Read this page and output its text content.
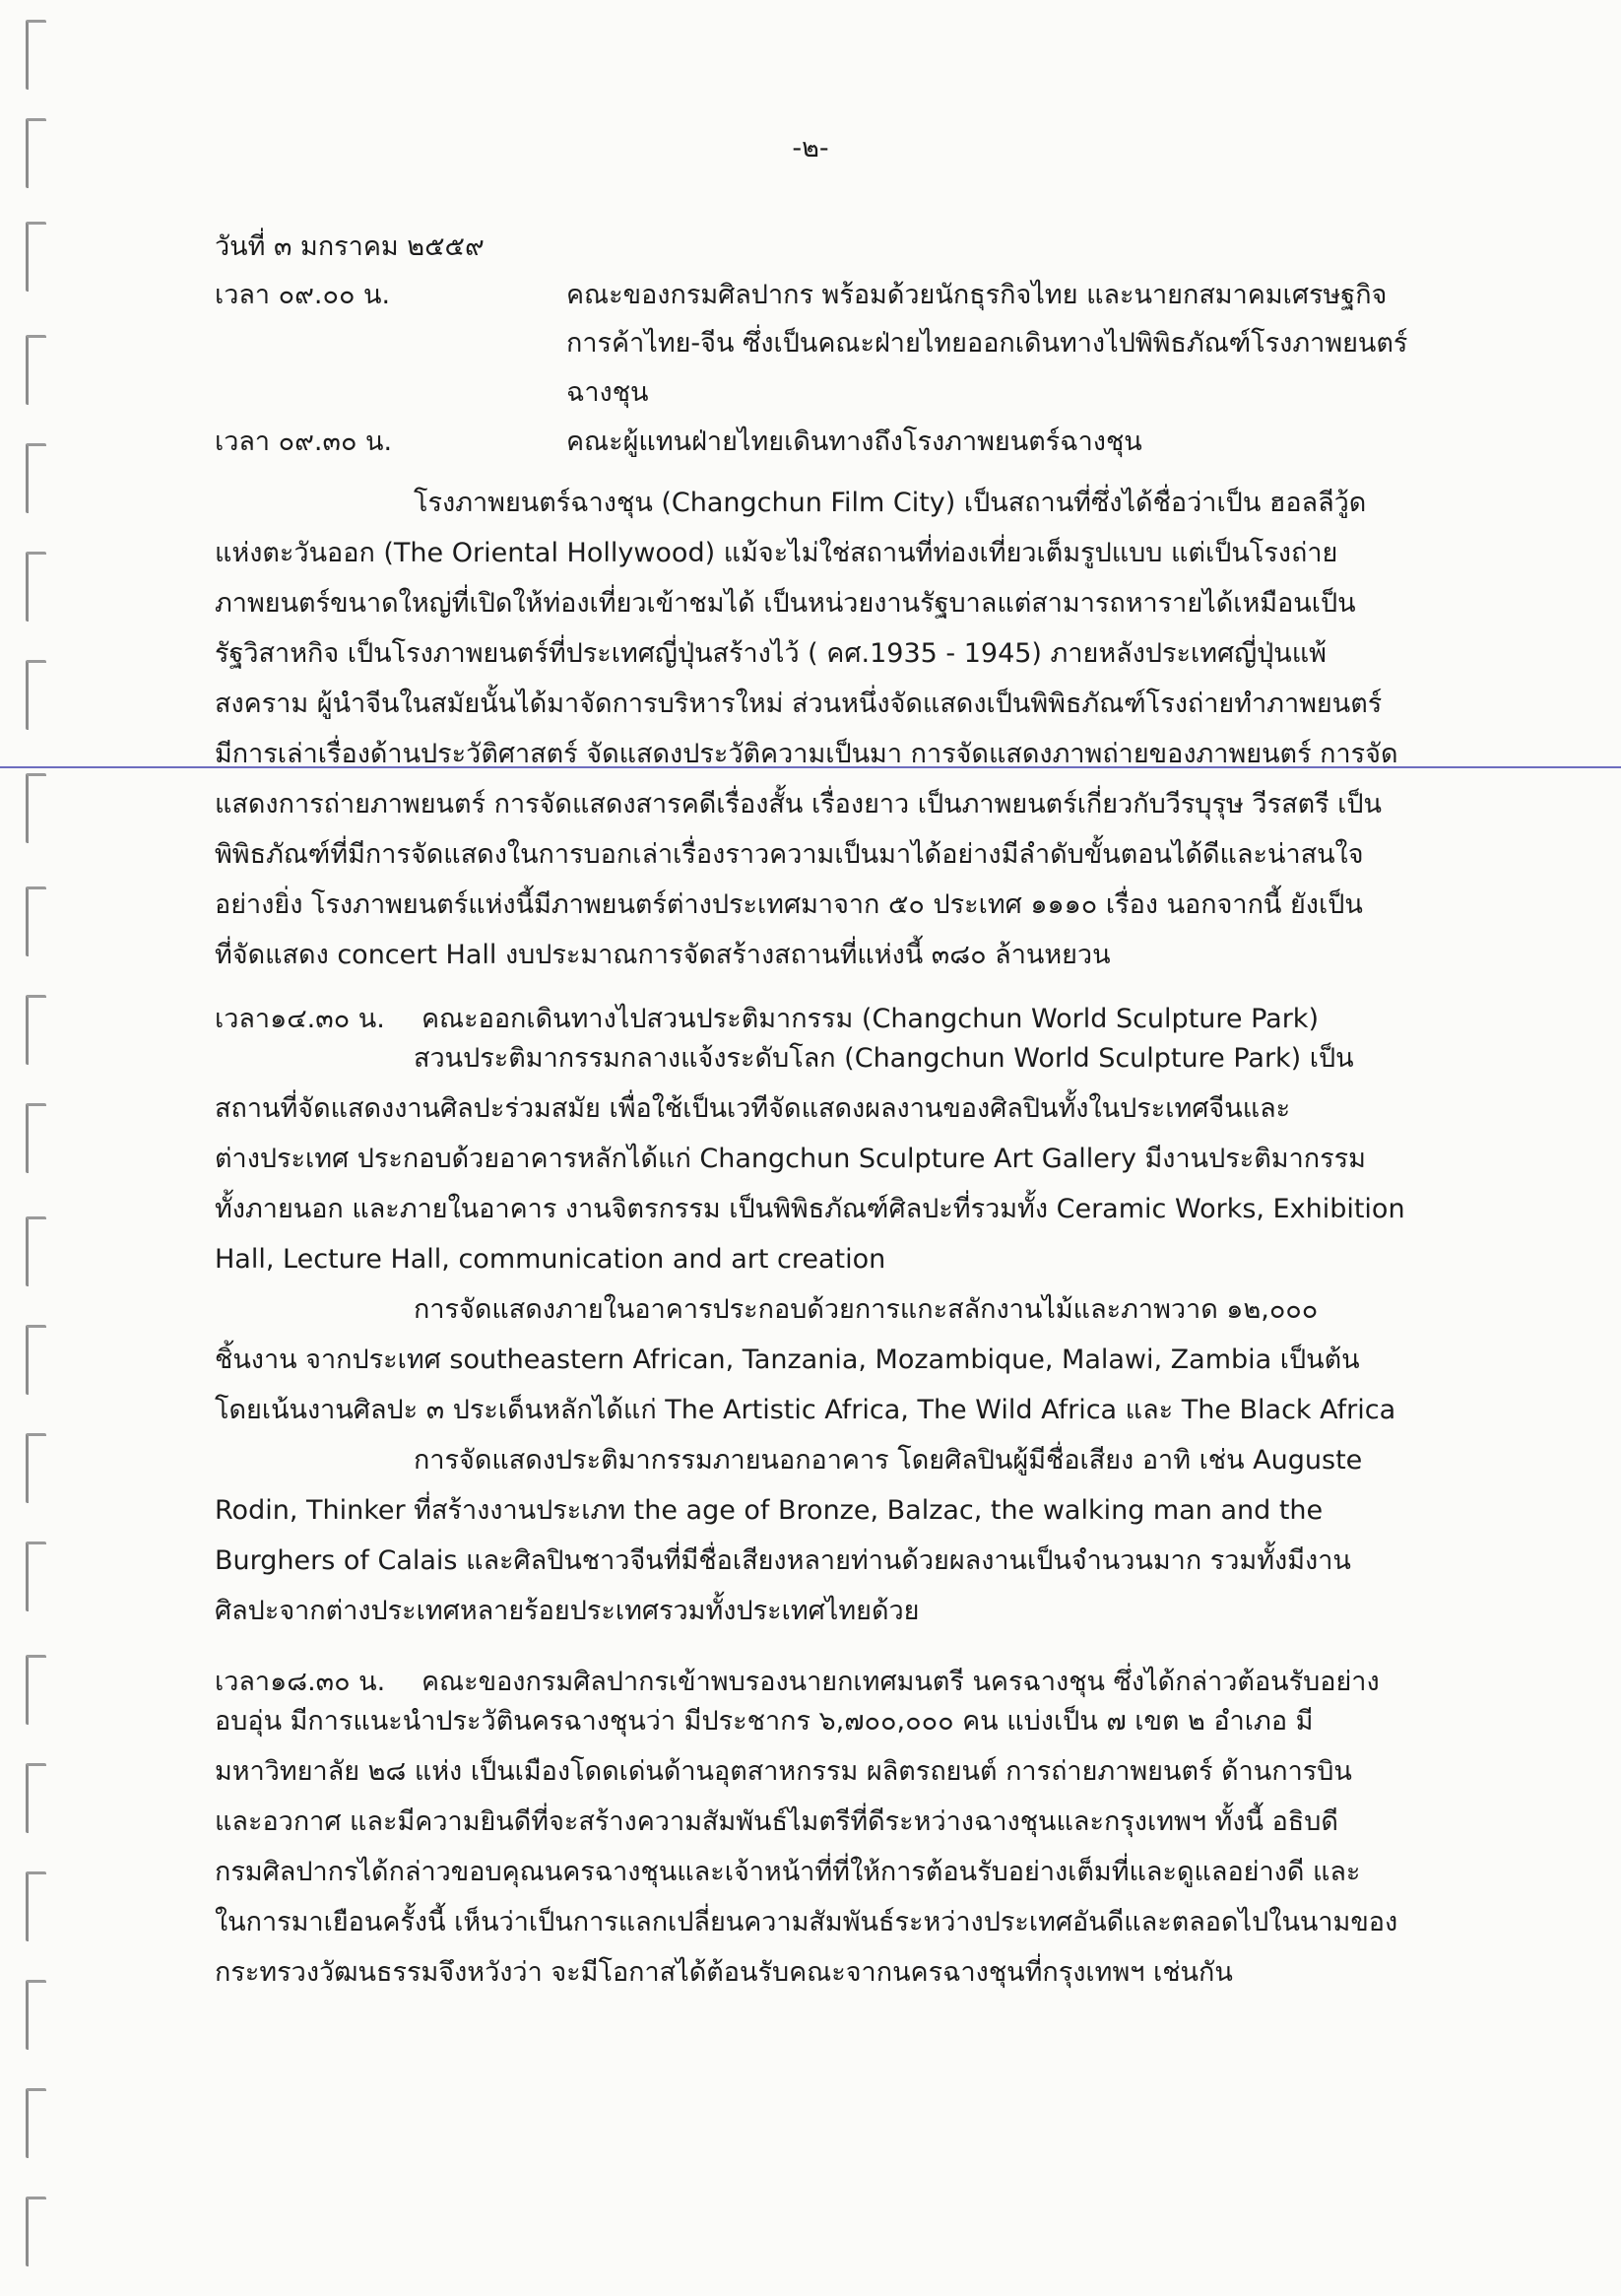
-๒-
วันที่ ๓ มกราคม ๒๕๕๙
เวลา ๐๙.๐๐ น.	คณะของกรมศิลปากร พร้อมด้วยนักธุรกิจไทย และนายกสมาคมเศรษฐกิจ
การค้าไทย-จีน ซึ่งเป็นคณะฝ่ายไทยออกเดินทางไปพิพิธภัณฑ์โรงภาพยนตร์
ฉางชุน
เวลา ๐๙.๓๐ น.	คณะผู้แทนฝ่ายไทยเดินทางถึงโรงภาพยนตร์ฉางชุน
โรงภาพยนตร์ฉางชุน (Changchun Film City) เป็นสถานที่ซึ่งได้ชื่อว่าเป็น ฮอลลีวู้ด
แห่งตะวันออก (The Oriental Hollywood) แม้จะไม่ใช่สถานที่ท่องเที่ยวเต็มรูปแบบ แต่เป็นโรงถ่าย
ภาพยนตร์ขนาดใหญ่ที่เปิดให้ท่องเที่ยวเข้าชมได้ เป็นหน่วยงานรัฐบาลแต่สามารถหารายได้เหมือนเป็น
รัฐวิสาหกิจ เป็นโรงภาพยนตร์ที่ประเทศญี่ปุ่นสร้างไว้ ( คศ.1935 - 1945) ภายหลังประเทศญี่ปุ่นแพ้
สงคราม ผู้นำจีนในสมัยนั้นได้มาจัดการบริหารใหม่ ส่วนหนึ่งจัดแสดงเป็นพิพิธภัณฑ์โรงถ่ายทำภาพยนตร์
มีการเล่าเรื่องด้านประวัติศาสตร์ จัดแสดงประวัติความเป็นมา การจัดแสดงภาพถ่ายของภาพยนตร์ การจัด
แสดงการถ่ายภาพยนตร์ การจัดแสดงสารคดีเรื่องสั้น เรื่องยาว เป็นภาพยนตร์เกี่ยวกับวีรบุรุษ วีรสตรี เป็น
พิพิธภัณฑ์ที่มีการจัดแสดงในการบอกเล่าเรื่องราวความเป็นมาได้อย่างมีลำดับขั้นตอนได้ดีและน่าสนใจ
อย่างยิ่ง โรงภาพยนตร์แห่งนี้มีภาพยนตร์ต่างประเทศมาจาก ๕๐ ประเทศ ๑๑๑๐ เรื่อง นอกจากนี้ ยังเป็น
ที่จัดแสดง concert Hall งบประมาณการจัดสร้างสถานที่แห่งนี้ ๓๘๐ ล้านหยวน
เวลา๑๔.๓๐ น. คณะออกเดินทางไปสวนประติมากรรม (Changchun World Sculpture Park)
สวนประติมากรรมกลางแจ้งระดับโลก (Changchun World Sculpture Park) เป็น
สถานที่จัดแสดงงานศิลปะร่วมสมัย เพื่อใช้เป็นเวทีจัดแสดงผลงานของศิลปินทั้งในประเทศจีนและ
ต่างประเทศ ประกอบด้วยอาคารหลักได้แก่ Changchun Sculpture Art Gallery มีงานประติมากรรม
ทั้งภายนอก และภายในอาคาร งานจิตรกรรม เป็นพิพิธภัณฑ์ศิลปะที่รวมทั้ง Ceramic Works, Exhibition
Hall, Lecture Hall, communication and art creation
การจัดแสดงภายในอาคารประกอบด้วยการแกะสลักงานไม้และภาพวาด ๑๒,๐๐๐
ชิ้นงาน จากประเทศ southeastern African, Tanzania, Mozambique, Malawi, Zambia เป็นต้น
โดยเน้นงานศิลปะ ๓ ประเด็นหลักได้แก่ The Artistic Africa, The Wild Africa และ The Black Africa
การจัดแสดงประติมากรรมภายนอกอาคาร โดยศิลปินผู้มีชื่อเสียง อาทิ เช่น Auguste
Rodin, Thinker ที่สร้างงานประเภท the age of Bronze, Balzac, the walking man and the
Burghers of Calais และศิลปินชาวจีนที่มีชื่อเสียงหลายท่านด้วยผลงานเป็นจำนวนมาก รวมทั้งมีงาน
ศิลปะจากต่างประเทศหลายร้อยประเทศรวมทั้งประเทศไทยด้วย
เวลา๑๘.๓๐ น. คณะของกรมศิลปากรเข้าพบรองนายกเทศมนตรี นครฉางชุน ซึ่งได้กล่าวต้อนรับอย่าง
อบอุ่น มีการแนะนำประวัตินครฉางชุนว่า มีประชากร ๖,๗๐๐,๐๐๐ คน แบ่งเป็น ๗ เขต ๒ อำเภอ มี
มหาวิทยาลัย ๒๘ แห่ง เป็นเมืองโดดเด่นด้านอุตสาหกรรม ผลิตรถยนต์ การถ่ายภาพยนตร์ ด้านการบิน
และอวกาศ และมีความยินดีที่จะสร้างความสัมพันธ์ไมตรีที่ดีระหว่างฉางชุนและกรุงเทพฯ ทั้งนี้ อธิบดี
กรมศิลปากรได้กล่าวขอบคุณนครฉางชุนและเจ้าหน้าที่ที่ให้การต้อนรับอย่างเต็มที่และดูแลอย่างดี และ
ในการมาเยือนครั้งนี้ เห็นว่าเป็นการแลกเปลี่ยนความสัมพันธ์ระหว่างประเทศอันดีและตลอดไปในนามของ
กระทรวงวัฒนธรรมจึงหวังว่า จะมีโอกาสได้ต้อนรับคณะจากนครฉางชุนที่กรุงเทพฯ เช่นกัน
